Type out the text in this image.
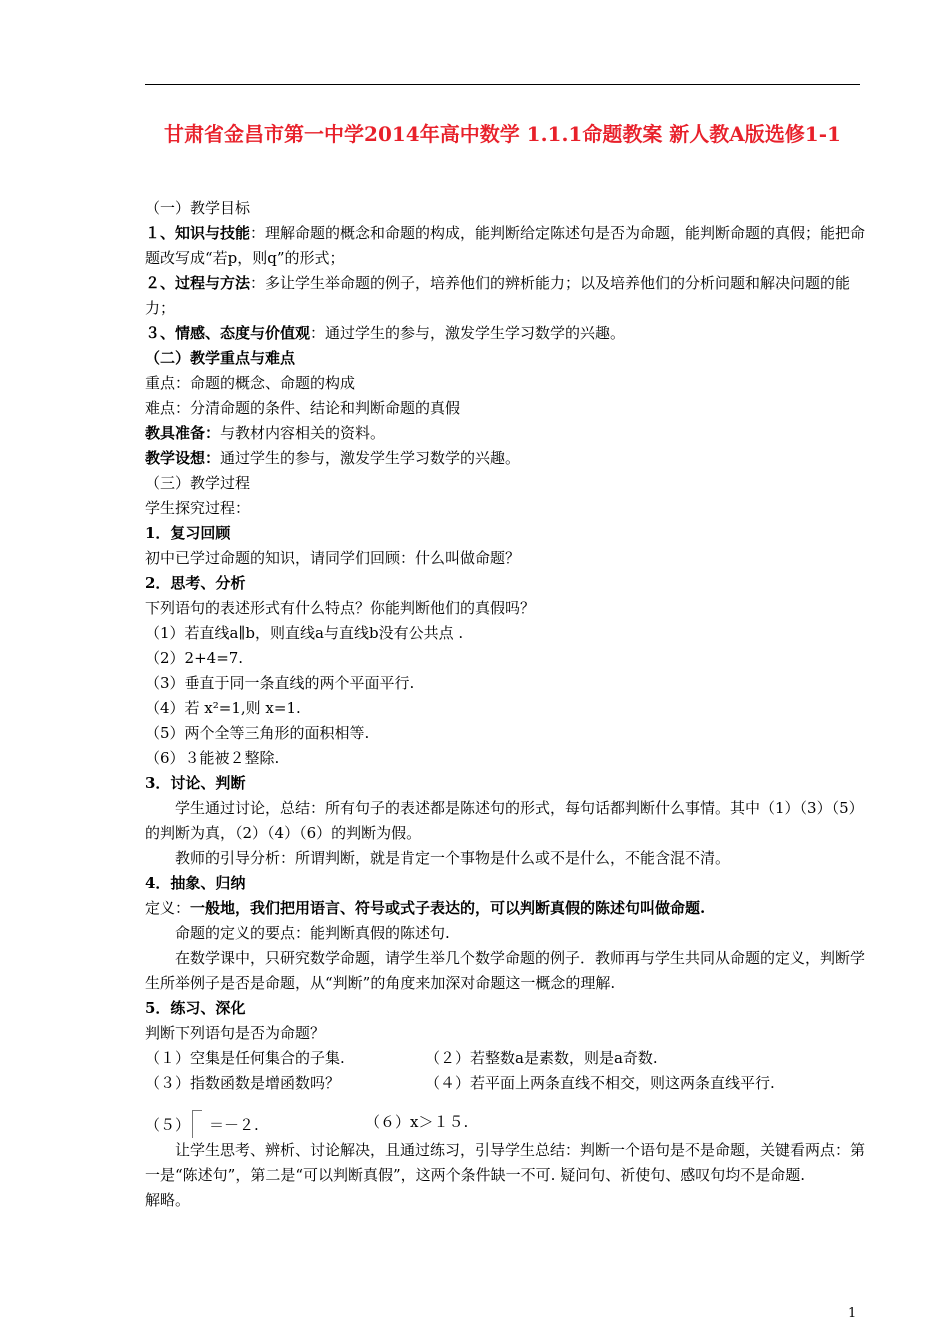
甘肃省金昌市第一中学2014年高中数学 1.1.1命题教案 新人教A版选修1-1

（一）教学目标

１、知识与技能：理解命题的概念和命题的构成，能判断给定陈述句是否为命题，能判断命题的真假；能把命题改写成“若p，则q”的形式；

２、过程与方法：多让学生举命题的例子，培养他们的辨析能力；以及培养他们的分析问题和解决问题的能力；

３、情感、态度与价值观：通过学生的参与，激发学生学习数学的兴趣。

（二）教学重点与难点

重点：命题的概念、命题的构成

难点：分清命题的条件、结论和判断命题的真假

教具准备：与教材内容相关的资料。

教学设想：通过学生的参与，激发学生学习数学的兴趣。

（三）教学过程

学生探究过程：

1．复习回顾

初中已学过命题的知识，请同学们回顾：什么叫做命题？

2．思考、分析

下列语句的表述形式有什么特点？你能判断他们的真假吗？

（1）若直线a∥b，则直线a与直线b没有公共点 .

（2）2+4=7.

（3）垂直于同一条直线的两个平面平行.

（4）若 x²=1,则 x=1.

（5）两个全等三角形的面积相等.

（6）３能被２整除.

3．讨论、判断

学生通过讨论，总结：所有句子的表述都是陈述句的形式，每句话都判断什么事情。其中（1）（3）（5）的判断为真，（2）（4）（6）的判断为假。

教师的引导分析：所谓判断，就是肯定一个事物是什么或不是什么，不能含混不清。

4．抽象、归纳

定义：一般地，我们把用语言、符号或式子表达的，可以判断真假的陈述句叫做命题.

命题的定义的要点：能判断真假的陈述句.

在数学课中，只研究数学命题，请学生举几个数学命题的例子．教师再与学生共同从命题的定义，判断学生所举例子是否是命题，从“判断”的角度来加深对命题这一概念的理解.

5．练习、深化

判断下列语句是否为命题？

（１）空集是任何集合的子集.	（２）若整数a是素数，则是a奇数.
（３）指数函数是增函数吗？	（４）若平面上两条直线不相交，则这两条直线平行.
（５） ＝－２.	（６）x＞１５.

让学生思考、辨析、讨论解决，且通过练习，引导学生总结：判断一个语句是不是命题，关键看两点：第一是“陈述句”，第二是“可以判断真假”，这两个条件缺一不可. 疑问句、祈使句、感叹句均不是命题.

解略。

1
